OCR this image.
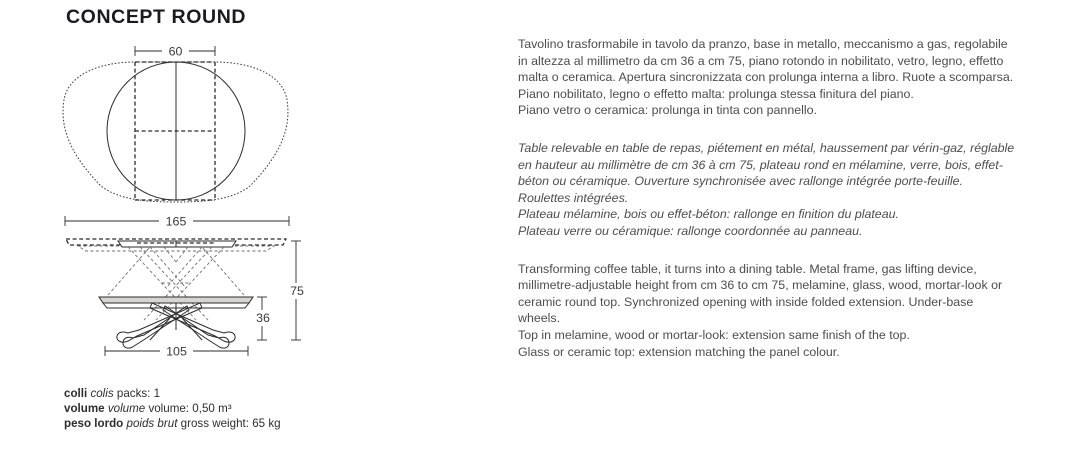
CONCEPT ROUND
60
165
36
75
105
colli colis packs: 1
volume volume volume: 0,50 m³
peso lordo poids brut gross weight: 65 kg

Tavolino trasformabile in tavolo da pranzo, base in metallo, meccanismo a gas, regolabile in altezza al millimetro da cm 36 a cm 75, piano rotondo in nobilitato, vetro, legno, effetto malta o ceramica. Apertura sincronizzata con prolunga interna a libro. Ruote a scomparsa.

Piano nobilitato, legno o effetto malta: prolunga stessa finitura del piano.

Piano vetro o ceramica: prolunga in tinta con pannello.

Table relevable en table de repas, piétement en métal, haussement par vérin-gaz, réglable en hauteur au millimètre de cm 36 à cm 75, plateau rond en mélamine, verre, bois, effet-béton ou céramique. Ouverture synchronisée avec rallonge intégrée porte-feuille. Roulettes intégrées.

Plateau mélamine, bois ou effet-béton: rallonge en finition du plateau.

Plateau verre ou céramique: rallonge coordonnée au panneau.

Transforming coffee table, it turns into a dining table. Metal frame, gas lifting device, millimetre-adjustable height from cm 36 to cm 75, melamine, glass, wood, mortar-look or ceramic round top. Synchronized opening with inside folded extension. Under-base wheels.

Top in melamine, wood or mortar-look: extension same finish of the top.

Glass or ceramic top: extension matching the panel colour.
